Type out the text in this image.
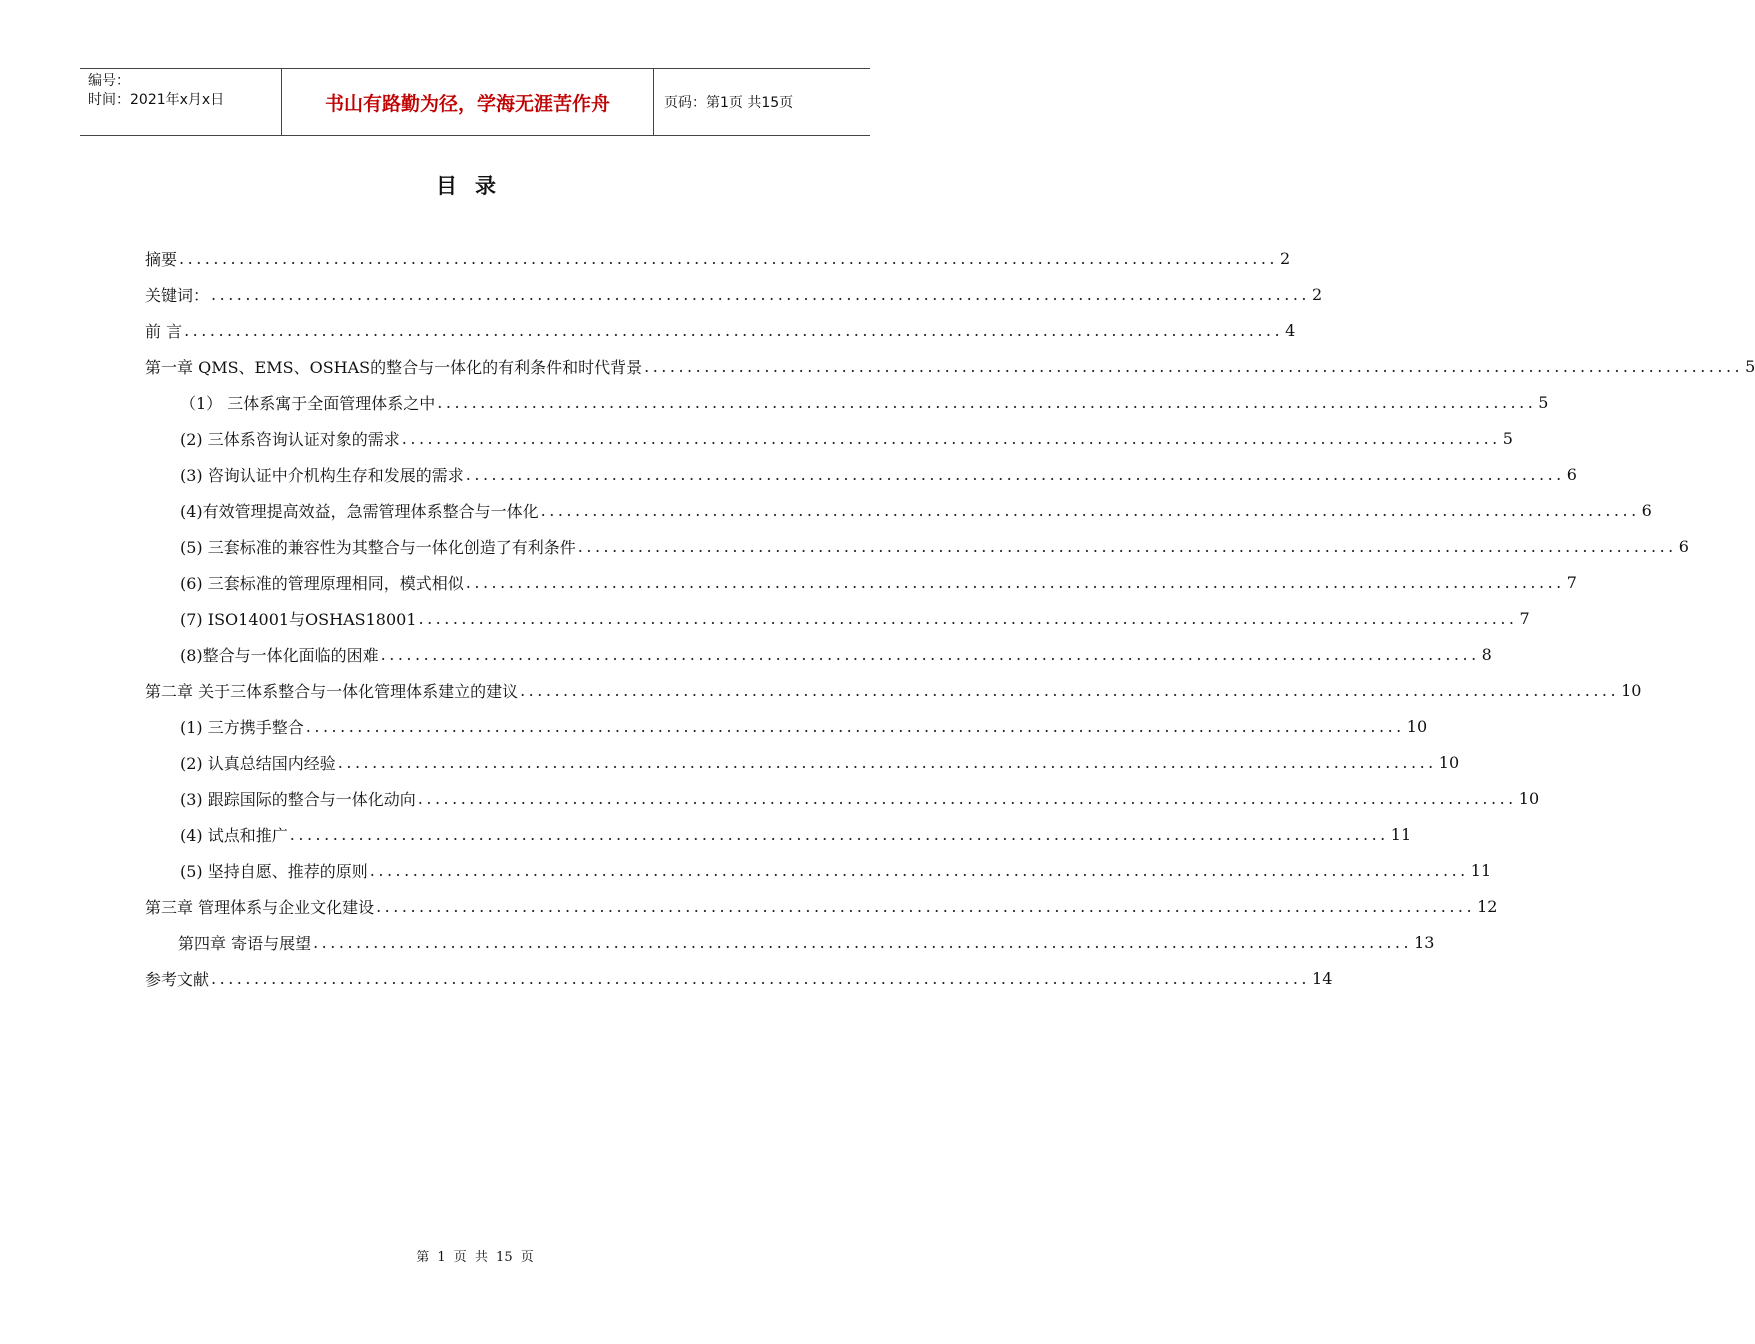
编号：
时间：2021年x月x日	书山有路勤为径，学海无涯苦作舟	页码：第1页 共15页
目录
摘要 ................................................................................................................................ 2
关键词： ................................................................................................................................ 2
前 言 ................................................................................................................................ 4
第一章 QMS、EMS、OSHAS的整合与一体化的有利条件和时代背景 ................................................................................................................................ 5
（1） 三体系寓于全面管理体系之中 ................................................................................................................................ 5
(2) 三体系咨询认证对象的需求 ................................................................................................................................ 5
(3) 咨询认证中介机构生存和发展的需求 ................................................................................................................................ 6
(4)有效管理提高效益，急需管理体系整合与一体化 ................................................................................................................................ 6
(5) 三套标准的兼容性为其整合与一体化创造了有利条件 ................................................................................................................................ 6
(6) 三套标准的管理原理相同，模式相似 ................................................................................................................................ 7
(7) ISO14001与OSHAS18001 ................................................................................................................................ 7
(8)整合与一体化面临的困难 ................................................................................................................................ 8
第二章 关于三体系整合与一体化管理体系建立的建议 ................................................................................................................................ 10
(1) 三方携手整合 ................................................................................................................................ 10
(2) 认真总结国内经验 ................................................................................................................................ 10
(3) 跟踪国际的整合与一体化动向 ................................................................................................................................ 10
(4) 试点和推广 ................................................................................................................................ 11
(5) 坚持自愿、推荐的原则 ................................................................................................................................ 11
第三章 管理体系与企业文化建设 ................................................................................................................................ 12
第四章 寄语与展望 ................................................................................................................................ 13
参考文献 ................................................................................................................................ 14
第 1 页 共 15 页
